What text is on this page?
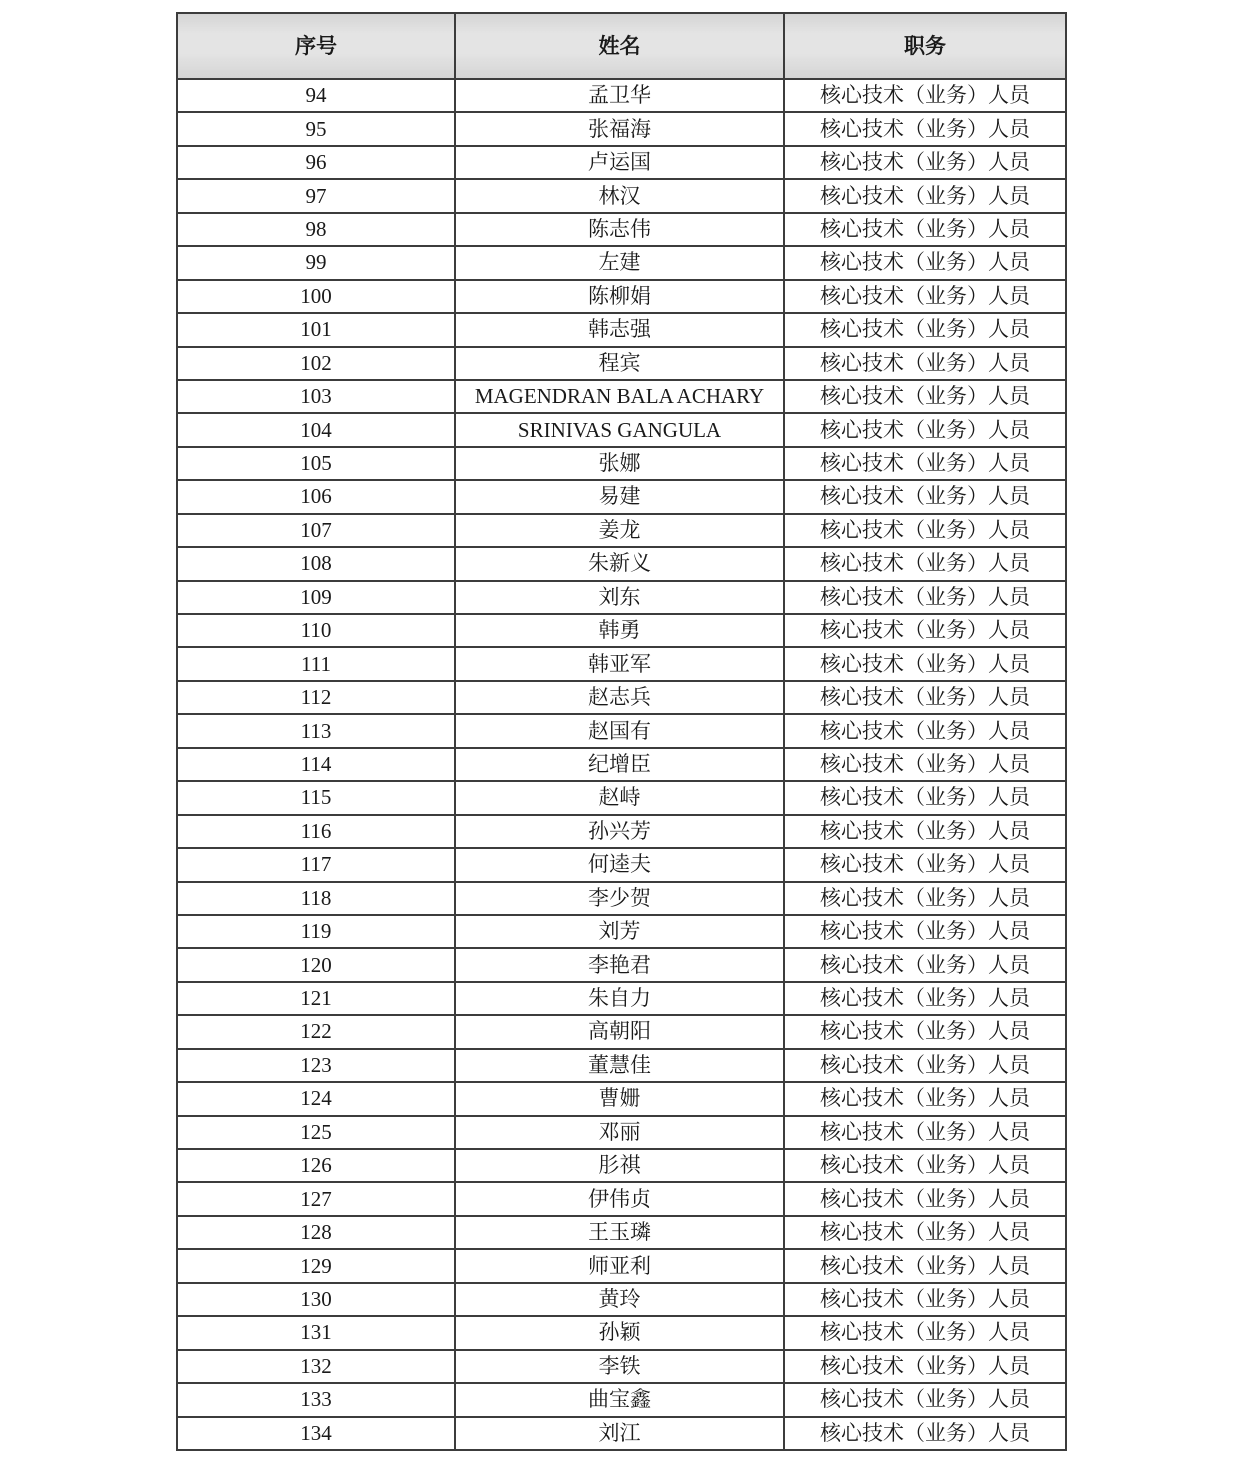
序号	姓名	职务
94	孟卫华	核心技术（业务）人员
95	张福海	核心技术（业务）人员
96	卢运国	核心技术（业务）人员
97	林汉	核心技术（业务）人员
98	陈志伟	核心技术（业务）人员
99	左建	核心技术（业务）人员
100	陈柳娟	核心技术（业务）人员
101	韩志强	核心技术（业务）人员
102	程宾	核心技术（业务）人员
103	MAGENDRAN BALA ACHARY	核心技术（业务）人员
104	SRINIVAS GANGULA	核心技术（业务）人员
105	张娜	核心技术（业务）人员
106	易建	核心技术（业务）人员
107	姜龙	核心技术（业务）人员
108	朱新义	核心技术（业务）人员
109	刘东	核心技术（业务）人员
110	韩勇	核心技术（业务）人员
111	韩亚军	核心技术（业务）人员
112	赵志兵	核心技术（业务）人员
113	赵国有	核心技术（业务）人员
114	纪增臣	核心技术（业务）人员
115	赵峙	核心技术（业务）人员
116	孙兴芳	核心技术（业务）人员
117	何逵夫	核心技术（业务）人员
118	李少贺	核心技术（业务）人员
119	刘芳	核心技术（业务）人员
120	李艳君	核心技术（业务）人员
121	朱自力	核心技术（业务）人员
122	高朝阳	核心技术（业务）人员
123	董慧佳	核心技术（业务）人员
124	曹姗	核心技术（业务）人员
125	邓丽	核心技术（业务）人员
126	肜祺	核心技术（业务）人员
127	伊伟贞	核心技术（业务）人员
128	王玉璘	核心技术（业务）人员
129	师亚利	核心技术（业务）人员
130	黄玲	核心技术（业务）人员
131	孙颖	核心技术（业务）人员
132	李铁	核心技术（业务）人员
133	曲宝鑫	核心技术（业务）人员
134	刘江	核心技术（业务）人员
